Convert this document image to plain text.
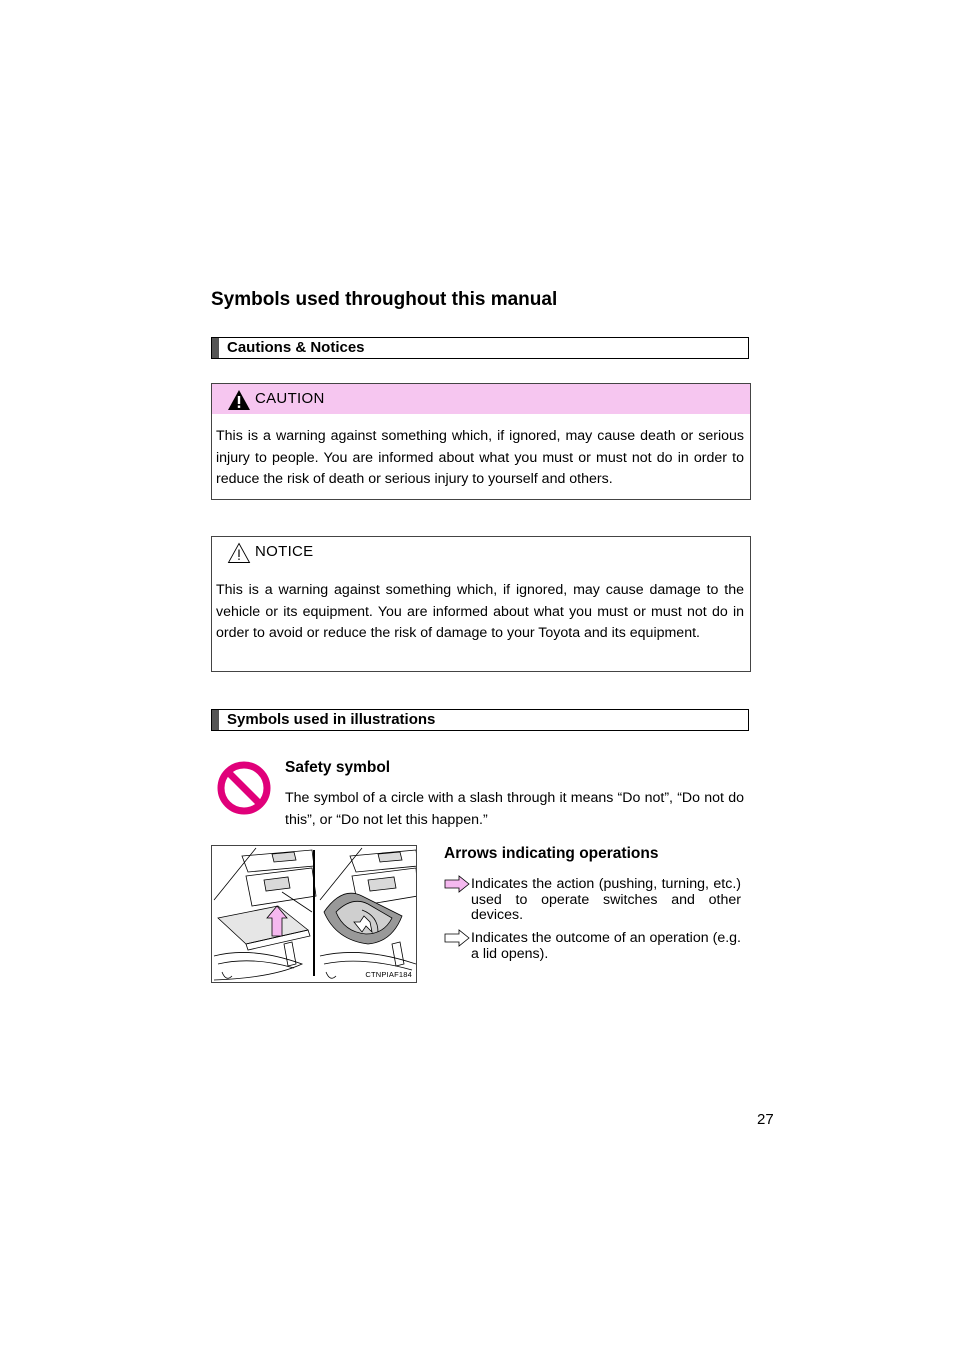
Symbols used throughout this manual
Cautions & Notices
CAUTION

This is a warning against something which, if ignored, may cause death or serious injury to people. You are informed about what you must or must not do in order to reduce the risk of death or serious injury to yourself and others.

NOTICE

This is a warning against something which, if ignored, may cause damage to the vehicle or its equipment. You are informed about what you must or must not do in order to avoid or reduce the risk of damage to your Toyota and its equipment.

Symbols used in illustrations
Safety symbol

The symbol of a circle with a slash through it means “Do not”, “Do not do this”, or “Do not let this happen.”

CTNPIAF184
Arrows indicating operations

Indicates the action (pushing, turning, etc.) used to operate switches and other devices.

Indicates the outcome of an operation (e.g. a lid opens).

27
